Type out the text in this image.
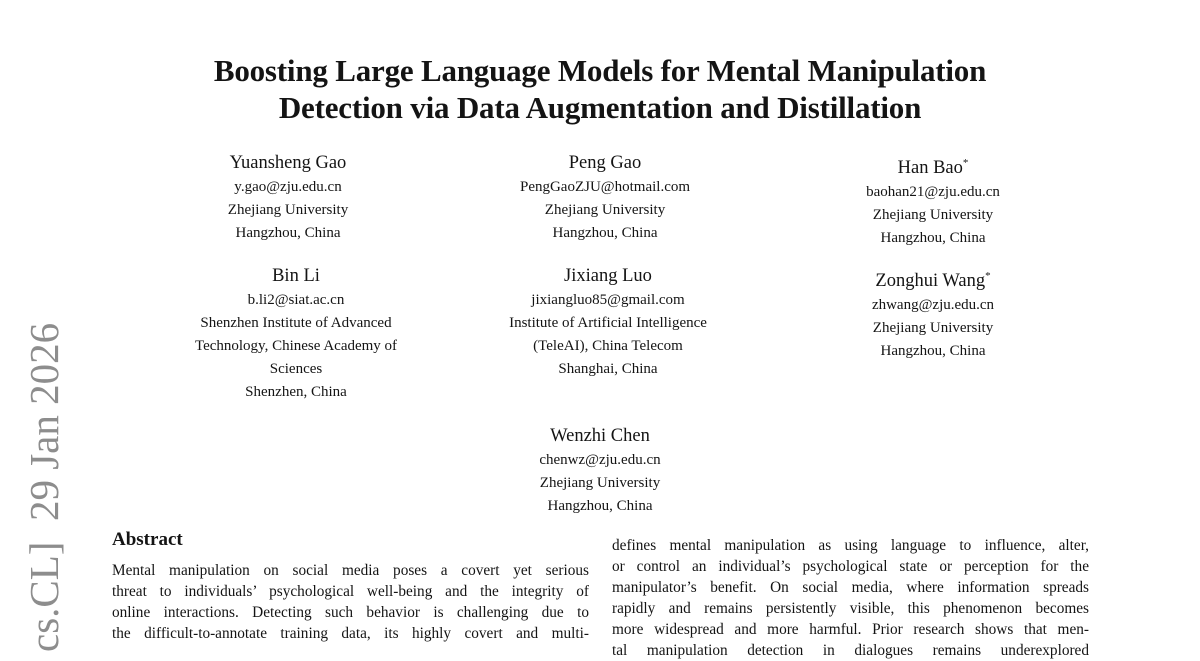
cs.CL]  29 Jan 2026
Boosting Large Language Models for Mental Manipulation
Detection via Data Augmentation and Distillation
Yuansheng Gao
y.gao@zju.edu.cn
Zhejiang University
Hangzhou, China
Peng Gao
PengGaoZJU@hotmail.com
Zhejiang University
Hangzhou, China
Han Bao*
baohan21@zju.edu.cn
Zhejiang University
Hangzhou, China
Bin Li
b.li2@siat.ac.cn
Shenzhen Institute of Advanced
Technology, Chinese Academy of
Sciences
Shenzhen, China
Jixiang Luo
jixiangluo85@gmail.com
Institute of Artificial Intelligence
(TeleAI), China Telecom
Shanghai, China
Zonghui Wang*
zhwang@zju.edu.cn
Zhejiang University
Hangzhou, China
Wenzhi Chen
chenwz@zju.edu.cn
Zhejiang University
Hangzhou, China
Abstract
Mental manipulation on social media poses a covert yet serious
threat to individuals’ psychological well-being and the integrity of
online interactions. Detecting such behavior is challenging due to
the difficult-to-annotate training data, its highly covert and multi-
defines mental manipulation as using language to influence, alter,
or control an individual’s psychological state or perception for the
manipulator’s benefit. On social media, where information spreads
rapidly and remains persistently visible, this phenomenon becomes
more widespread and more harmful. Prior research shows that men-
tal manipulation detection in dialogues remains underexplored
